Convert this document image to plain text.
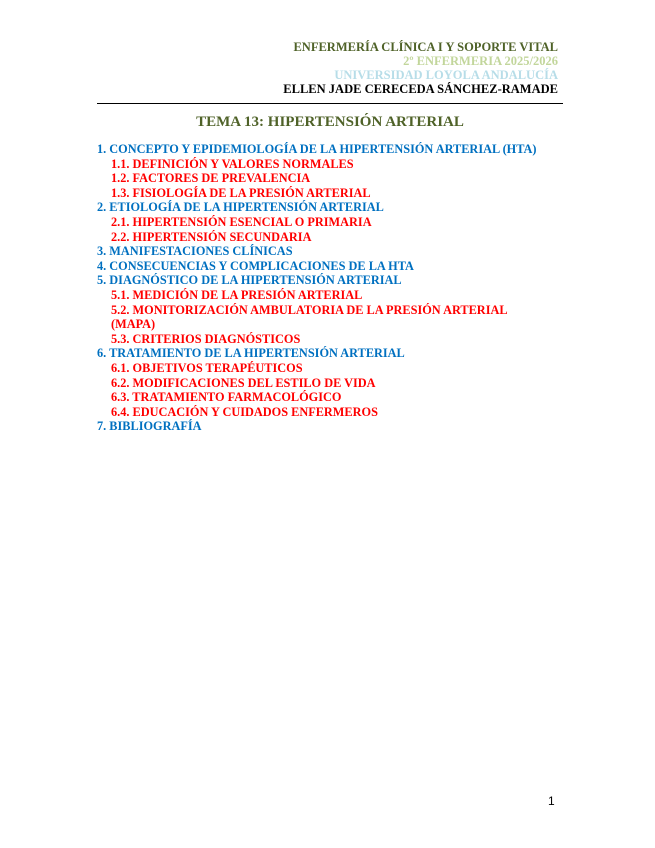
ENFERMERÍA CLÍNICA I Y SOPORTE VITAL
2º ENFERMERIA 2025/2026
UNIVERSIDAD LOYOLA ANDALUCÍA
ELLEN JADE CERECEDA SÁNCHEZ-RAMADE
TEMA 13: HIPERTENSIÓN ARTERIAL
1. CONCEPTO Y EPIDEMIOLOGÍA DE LA HIPERTENSIÓN ARTERIAL (HTA)
1.1. DEFINICIÓN Y VALORES NORMALES
1.2. FACTORES DE PREVALENCIA
1.3. FISIOLOGÍA DE LA PRESIÓN ARTERIAL
2. ETIOLOGÍA DE LA HIPERTENSIÓN ARTERIAL
2.1. HIPERTENSIÓN ESENCIAL O PRIMARIA
2.2. HIPERTENSIÓN SECUNDARIA
3. MANIFESTACIONES CLÍNICAS
4. CONSECUENCIAS Y COMPLICACIONES DE LA HTA
5. DIAGNÓSTICO DE LA HIPERTENSIÓN ARTERIAL
5.1. MEDICIÓN DE LA PRESIÓN ARTERIAL
5.2. MONITORIZACIÓN AMBULATORIA DE LA PRESIÓN ARTERIAL (MAPA)
5.3. CRITERIOS DIAGNÓSTICOS
6. TRATAMIENTO DE LA HIPERTENSIÓN ARTERIAL
6.1. OBJETIVOS TERAPÉUTICOS
6.2. MODIFICACIONES DEL ESTILO DE VIDA
6.3. TRATAMIENTO FARMACOLÓGICO
6.4. EDUCACIÓN Y CUIDADOS ENFERMEROS
7. BIBLIOGRAFÍA
1
